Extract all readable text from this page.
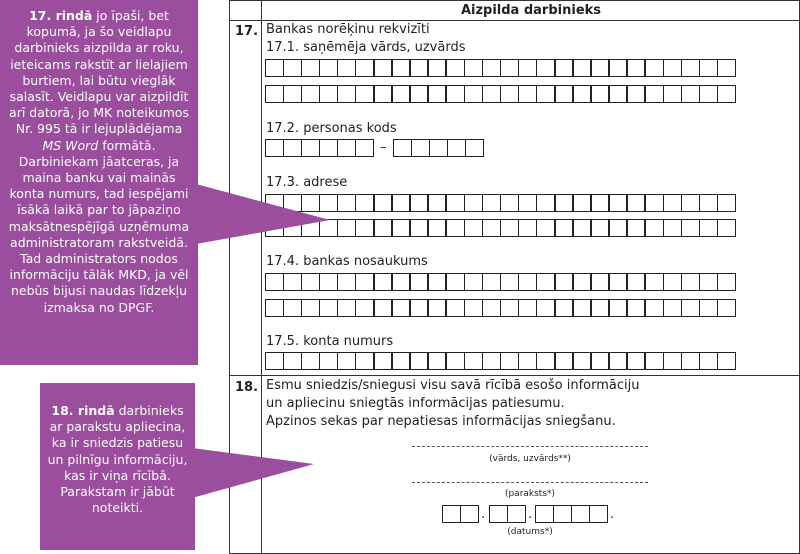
Aizpilda darbinieks
17. Bankas norēķinu rekvizīti
17.1. saņēmēja vārds, uzvārds
17.2. personas kods
–
17.3. adrese
17.4. bankas nosaukums
17.5. konta numurs
18. Esmu sniedzis/sniegusi visu savā rīcībā esošo informāciju
un apliecinu sniegtās informācijas patiesumu.
Apzinos sekas par nepatiesas informācijas sniegšanu.
(vārds, uzvārds**)
(paraksts*)
.	.	.
(datums*)
17. rindā jo īpaši, bet
kopumā, ja šo veidlapu
darbinieks aizpilda ar roku,
ieteicams rakstīt ar lielajiem
burtiem, lai būtu vieglāk
salasīt. Veidlapu var aizpildīt
arī datorā, jo MK noteikumos
Nr. 995 tā ir lejuplādējama
MS Word formātā.
Darbiniekam jāatceras, ja
maina banku vai mainās
konta numurs, tad iespējami
īsākā laikā par to jāpaziņo
maksātnespējīgā uzņēmuma
administratoram rakstveidā.
Tad administrators nodos
informāciju tālāk MKD, ja vēl
nebūs bijusi naudas līdzekļu
izmaksa no DPGF.
18. rindā darbinieks
ar parakstu apliecina,
ka ir sniedzis patiesu
un pilnīgu informāciju,
kas ir viņa rīcībā.
Parakstam ir jābūt
noteikti.
